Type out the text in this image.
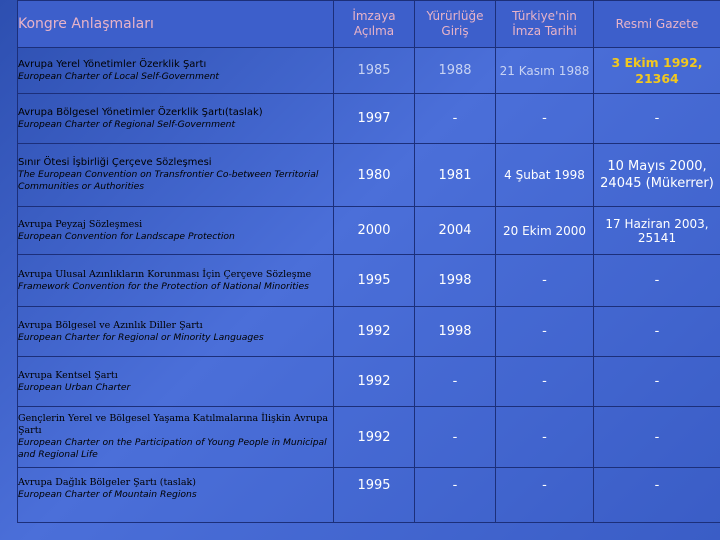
Kongre Anlaşmaları	İmzaya Açılma	Yürürlüğe Giriş	Türkiye'nin İmza Tarihi	Resmi Gazete

Avrupa Yerel Yönetimler Özerklik Şartı
European Charter of Local Self-Government	1985	1988	21 Kasım 1988	3 Ekim 1992, 21364

Avrupa Bölgesel Yönetimler Özerklik Şartı(taslak)
European Charter of Regional Self-Government	1997	-	-	-

Sınır Ötesi İşbirliği Çerçeve Sözleşmesi
The European Convention on Transfrontier Co-between Territorial Communities or Authorities	1980	1981	4 Şubat 1998	10 Mayıs 2000, 24045 (Mükerrer)

Avrupa Peyzaj Sözleşmesi
European Convention for Landscape Protection	2000	2004	20 Ekim 2000	17 Haziran 2003, 25141

Avrupa Ulusal Azınlıkların Korunması İçin Çerçeve Sözleşme
Framework Convention for the Protection of National Minorities	1995	1998	-	-

Avrupa Bölgesel ve Azınlık Diller Şartı
European Charter for Regional or Minority Languages	1992	1998	-	-

Avrupa Kentsel Şartı
European Urban Charter	1992	-	-	-

Gençlerin Yerel ve Bölgesel Yaşama Katılmalarına İlişkin Avrupa Şartı
European Charter on the Participation of Young People in Municipal and Regional Life	1992	-	-	-

Avrupa Dağlık Bölgeler Şartı (taslak)
European Charter of Mountain Regions	1995	-	-	-
